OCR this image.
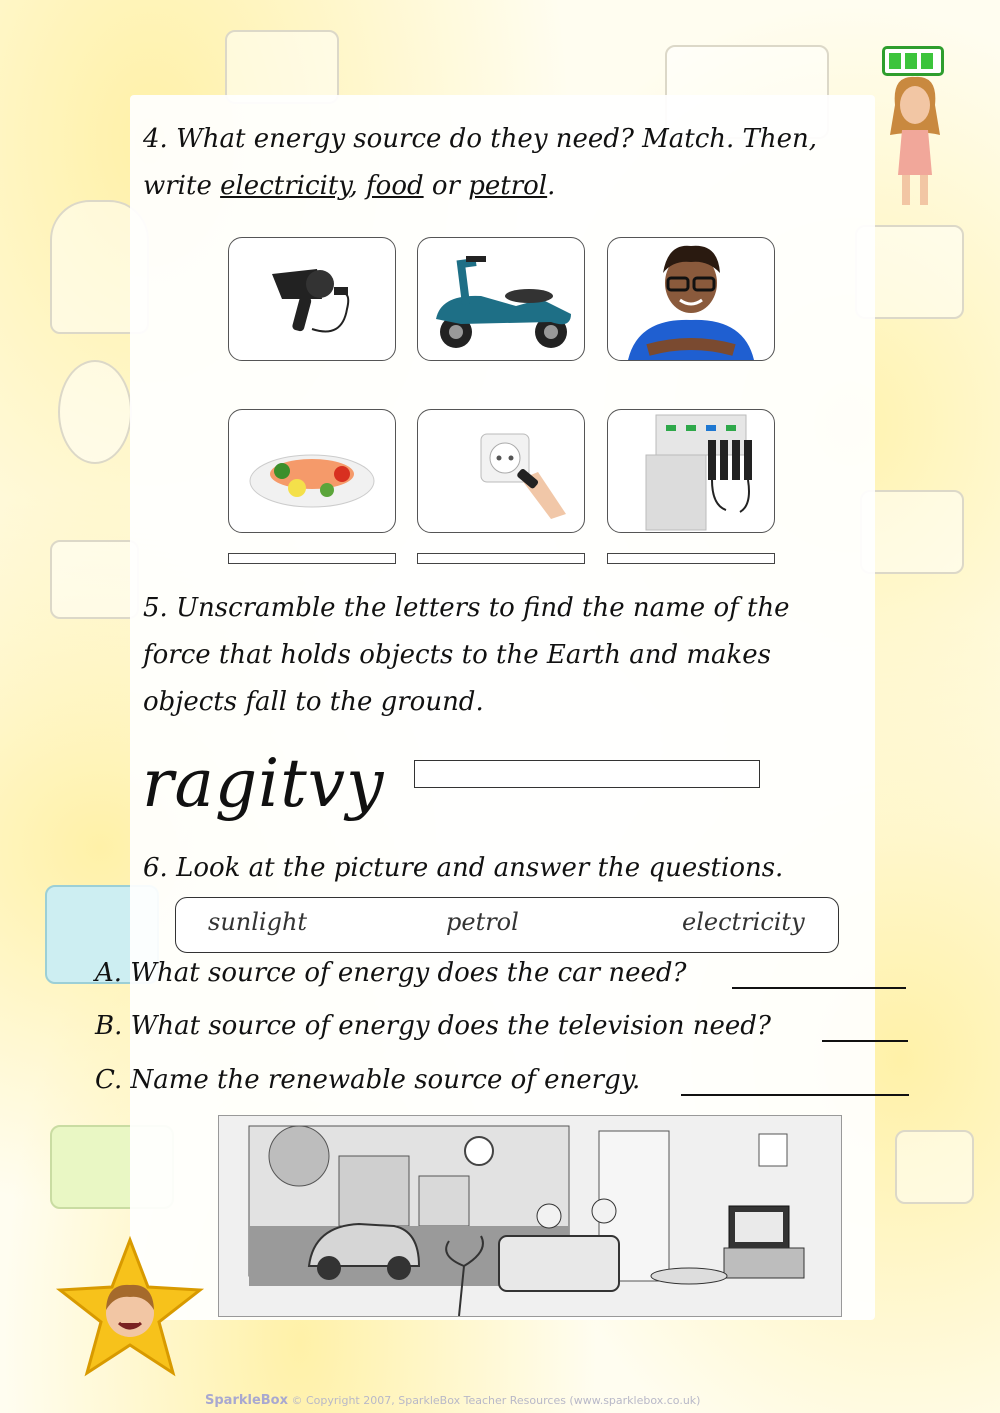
4. What energy source do they need? Match. Then,
write electricity, food or petrol.
5. Unscramble the letters to find the name of the
force that holds objects to the Earth and makes
objects fall to the ground.
ragitvy
6. Look at the picture and answer the questions.
sunlight	petrol	electricity
A. What source of energy does the car need?
B. What source of energy does the television need?
C. Name the renewable source of energy.
SparkleBox © Copyright 2007, SparkleBox Teacher Resources (www.sparklebox.co.uk)
